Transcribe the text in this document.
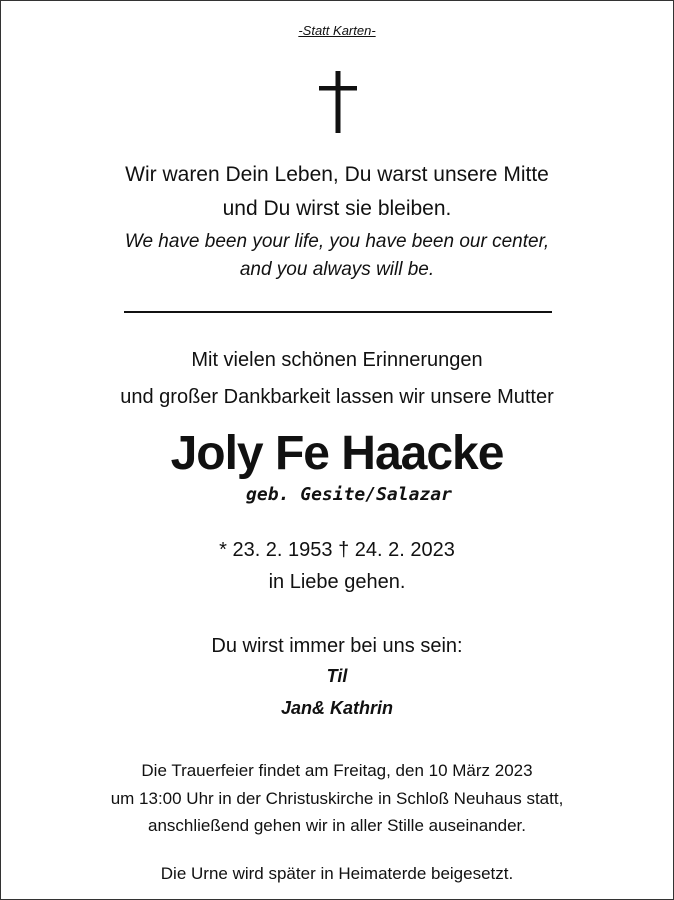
-Statt Karten-
Wir waren Dein Leben, Du warst unsere Mitte
und Du wirst sie bleiben.
We have been your life, you have been our center,
and you always will be.
Mit vielen schönen Erinnerungen
und großer Dankbarkeit lassen wir unsere Mutter
Joly Fe Haacke
geb. Gesite/Salazar
* 23. 2. 1953 † 24. 2. 2023
in Liebe gehen.
Du wirst immer bei uns sein:
Til
Jan& Kathrin
Die Trauerfeier findet am Freitag, den 10 März 2023
um 13:00 Uhr in der Christuskirche in Schloß Neuhaus statt,
anschließend gehen wir in aller Stille auseinander.
Die Urne wird später in Heimaterde beigesetzt.
